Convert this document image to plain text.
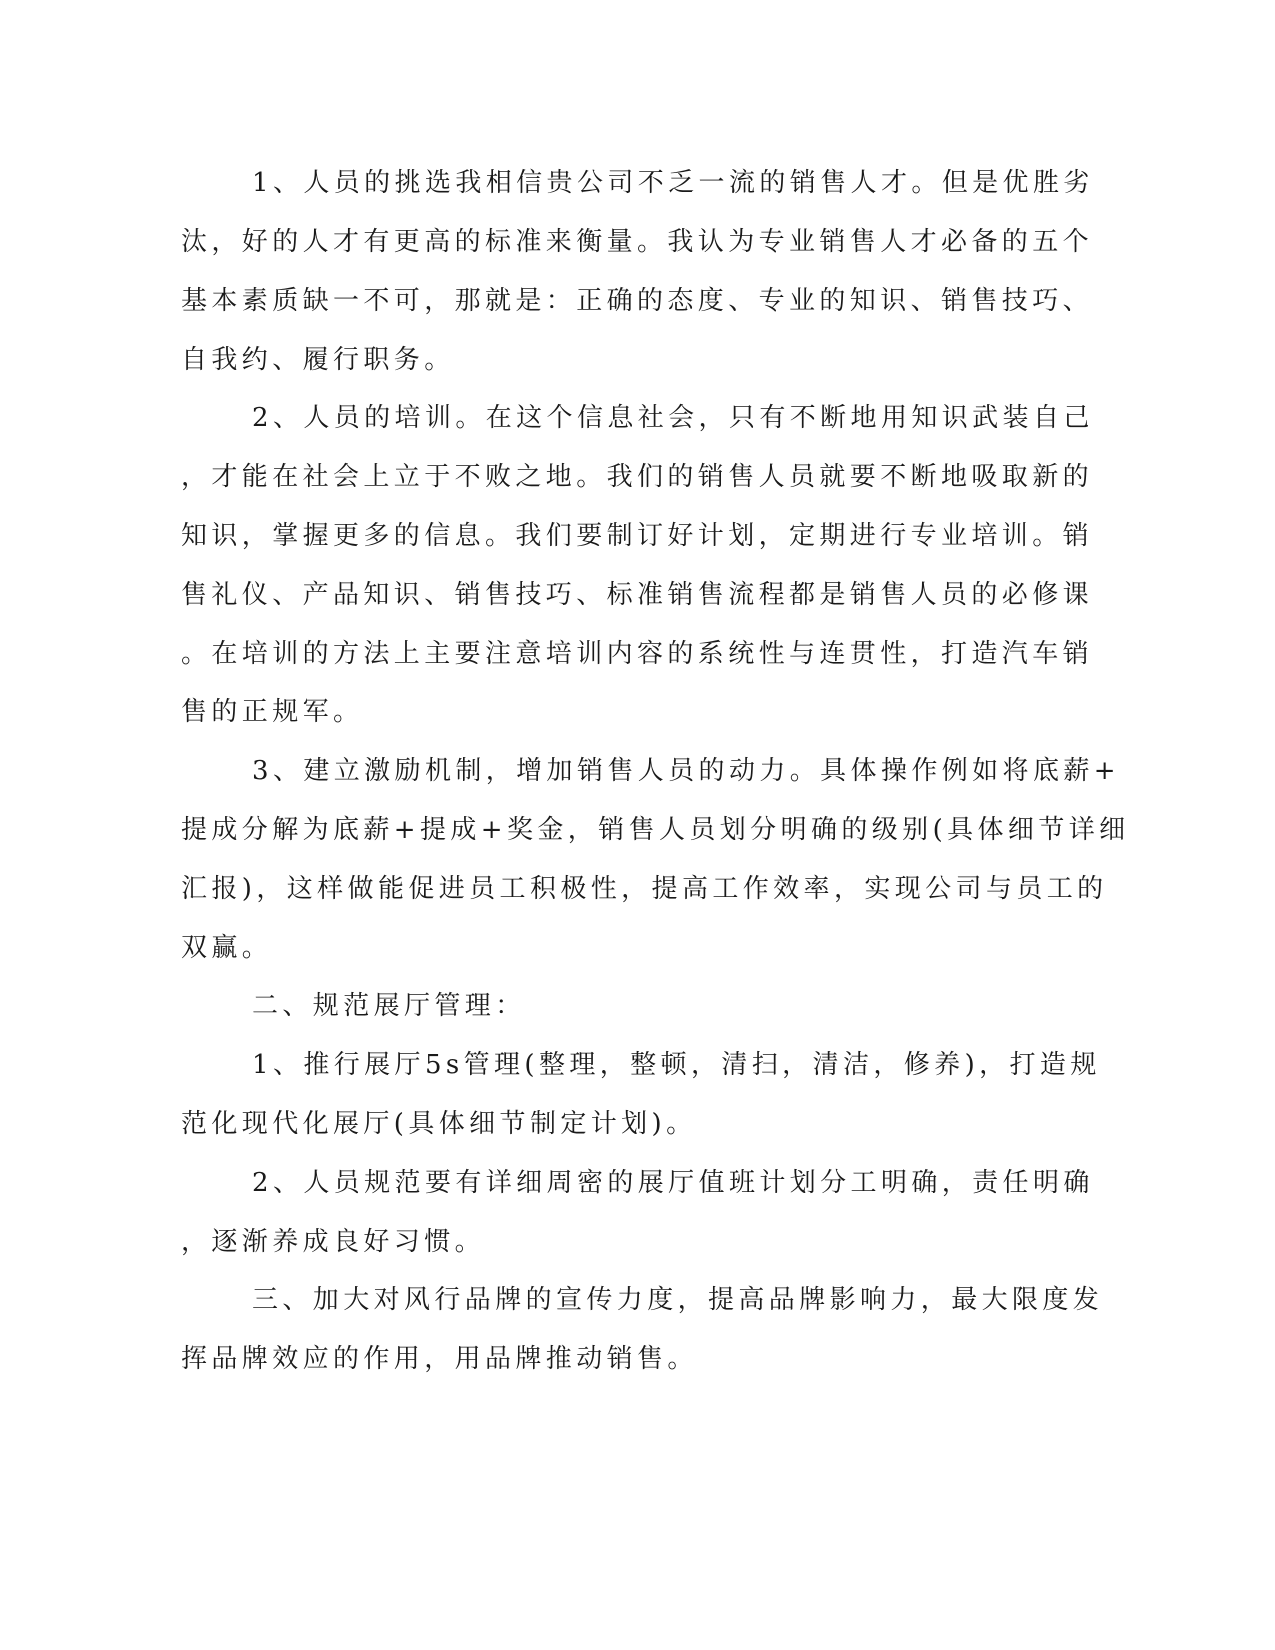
1、人员的挑选我相信贵公司不乏一流的销售人才。但是优胜劣
汰，好的人才有更高的标准来衡量。我认为专业销售人才必备的五个
基本素质缺一不可，那就是：正确的态度、专业的知识、销售技巧、
自我约、履行职务。
2、人员的培训。在这个信息社会，只有不断地用知识武装自己
，才能在社会上立于不败之地。我们的销售人员就要不断地吸取新的
知识，掌握更多的信息。我们要制订好计划，定期进行专业培训。销
售礼仪、产品知识、销售技巧、标准销售流程都是销售人员的必修课
。在培训的方法上主要注意培训内容的系统性与连贯性，打造汽车销
售的正规军。
3、建立激励机制，增加销售人员的动力。具体操作例如将底薪+
提成分解为底薪+提成+奖金，销售人员划分明确的级别(具体细节详细
汇报)，这样做能促进员工积极性，提高工作效率，实现公司与员工的
双赢。
二、规范展厅管理：
1、推行展厅5s管理(整理，整顿，清扫，清洁，修养)，打造规
范化现代化展厅(具体细节制定计划)。
2、人员规范要有详细周密的展厅值班计划分工明确，责任明确
，逐渐养成良好习惯。
三、加大对风行品牌的宣传力度，提高品牌影响力，最大限度发
挥品牌效应的作用，用品牌推动销售。
